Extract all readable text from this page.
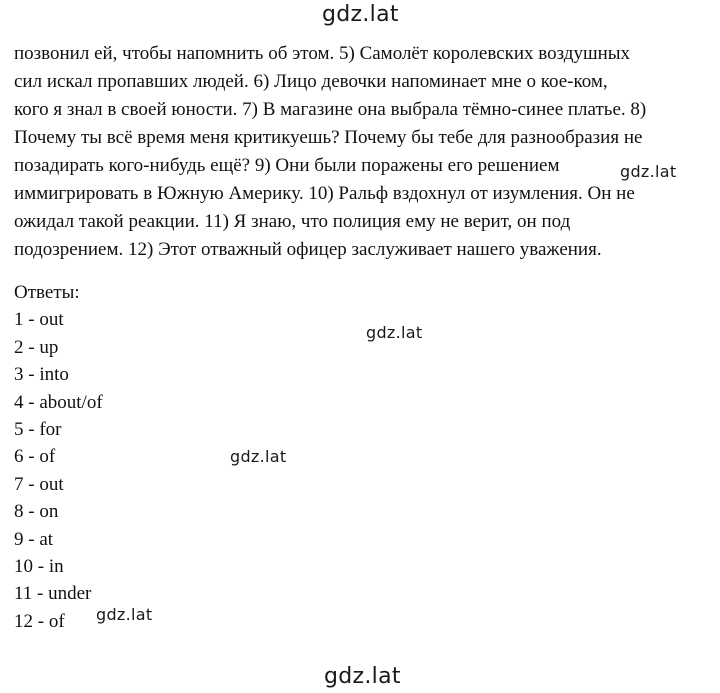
gdz.lat

позвонил ей, чтобы напомнить об этом. 5) Самолёт королевских воздушных
сил искал пропавших людей. 6) Лицо девочки напоминает мне о кое-ком,
кого я знал в своей юности. 7) В магазине она выбрала тёмно-синее платье. 8)
Почему ты всё время меня критикуешь? Почему бы тебе для разнообразия не
позадирать кого-нибудь ещё? 9) Они были поражены его решением
иммигрировать в Южную Америку. 10) Ральф вздохнул от изумления. Он не
ожидал такой реакции. 11) Я знаю, что полиция ему не верит, он под
подозрением. 12) Этот отважный офицер заслуживает нашего уважения.

gdz.lat
Ответы:
1 - out
2 - up
3 - into
4 - about/of
5 - for
6 - of
7 - out
8 - on
9 - at
10 - in
11 - under
12 - of
gdz.lat
gdz.lat
gdz.lat
gdz.lat
